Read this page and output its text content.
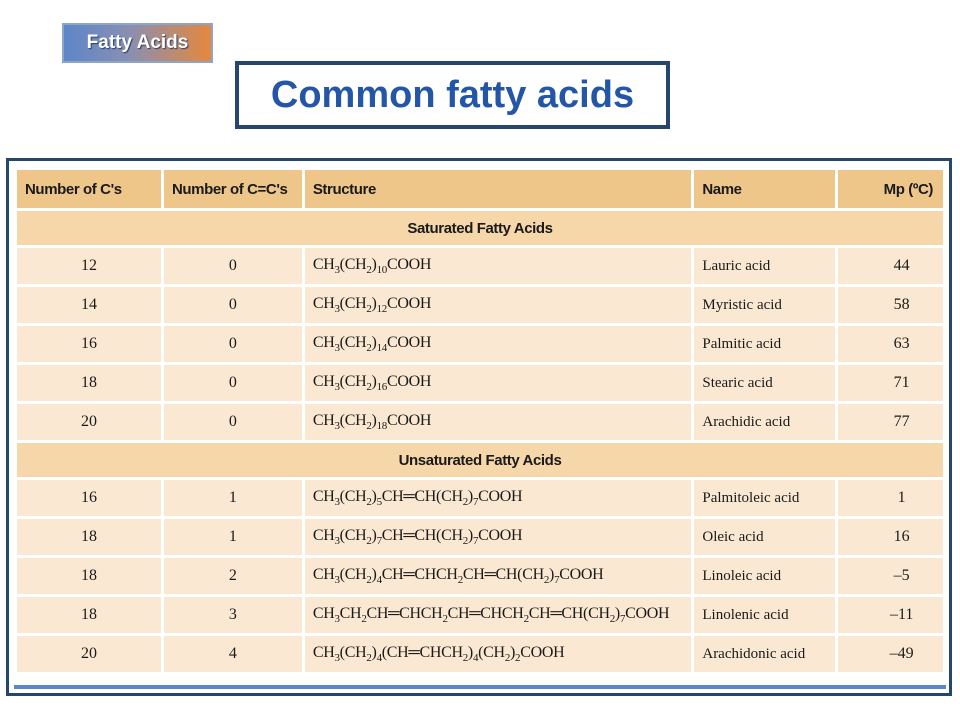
Fatty Acids
Common fatty acids
Number of C's	Number of C=C's	Structure	Name	Mp (ºC)
Saturated Fatty Acids				
12	0	$CH_3(CH_2)_{10}COOH$	Lauric acid	44
14	0	$CH_3(CH_2)_{12}COOH$	Myristic acid	58
16	0	$CH_3(CH_2)_{14}COOH$	Palmitic acid	63
18	0	$CH_3(CH_2)_{16}COOH$	Stearic acid	71
20	0	$CH_3(CH_2)_{18}COOH$	Arachidic acid	77
Unsaturated Fatty Acids				
16	1	$CH_3(CH_2)_5CH═CH(CH_2)_7COOH$	Palmitoleic acid	1
18	1	$CH_3(CH_2)_7CH═CH(CH_2)_7COOH$	Oleic acid	16
18	2	$CH_3(CH_2)_4CH═CHCH_2CH═CH(CH_2)_7COOH$	Linoleic acid	–5
18	3	$CH_3CH_2CH═CHCH_2CH═CHCH_2CH═CH(CH_2)_7COOH$	Linolenic acid	–11
20	4	$CH_3(CH_2)_4(CH═CHCH_2)_4(CH_2)_2COOH$	Arachidonic acid	–49
